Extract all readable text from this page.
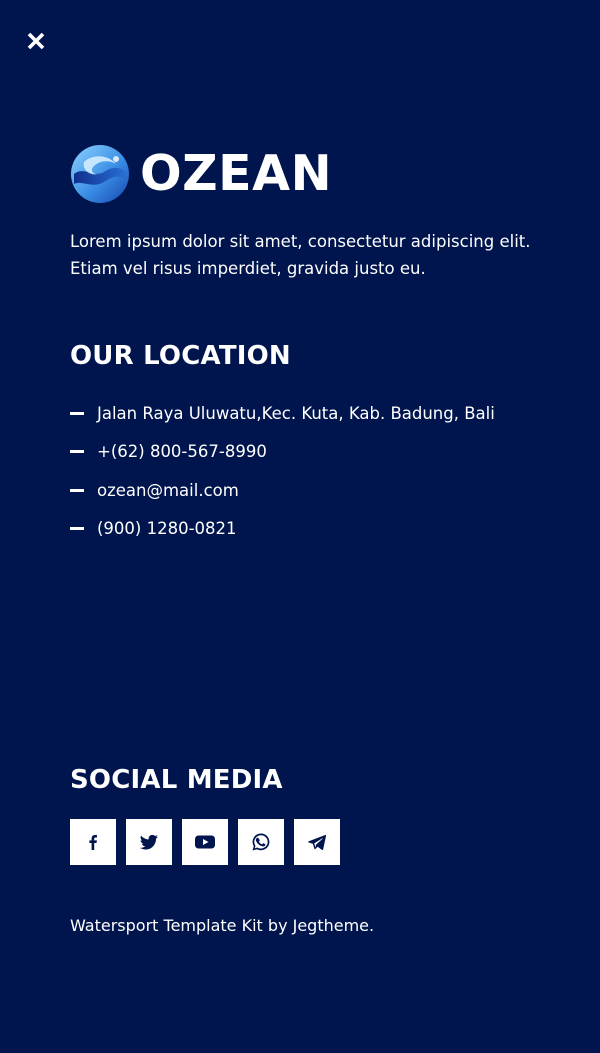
OZEAN

Lorem ipsum dolor sit amet, consectetur adipiscing elit. Etiam vel risus imperdiet, gravida justo eu.

OUR LOCATION
Jalan Raya Uluwatu,Kec. Kuta, Kab. Badung, Bali
+(62) 800-567-8990
ozean@mail.com
(900) 1280-0821
SOCIAL MEDIA
Watersport Template Kit by Jegtheme.
